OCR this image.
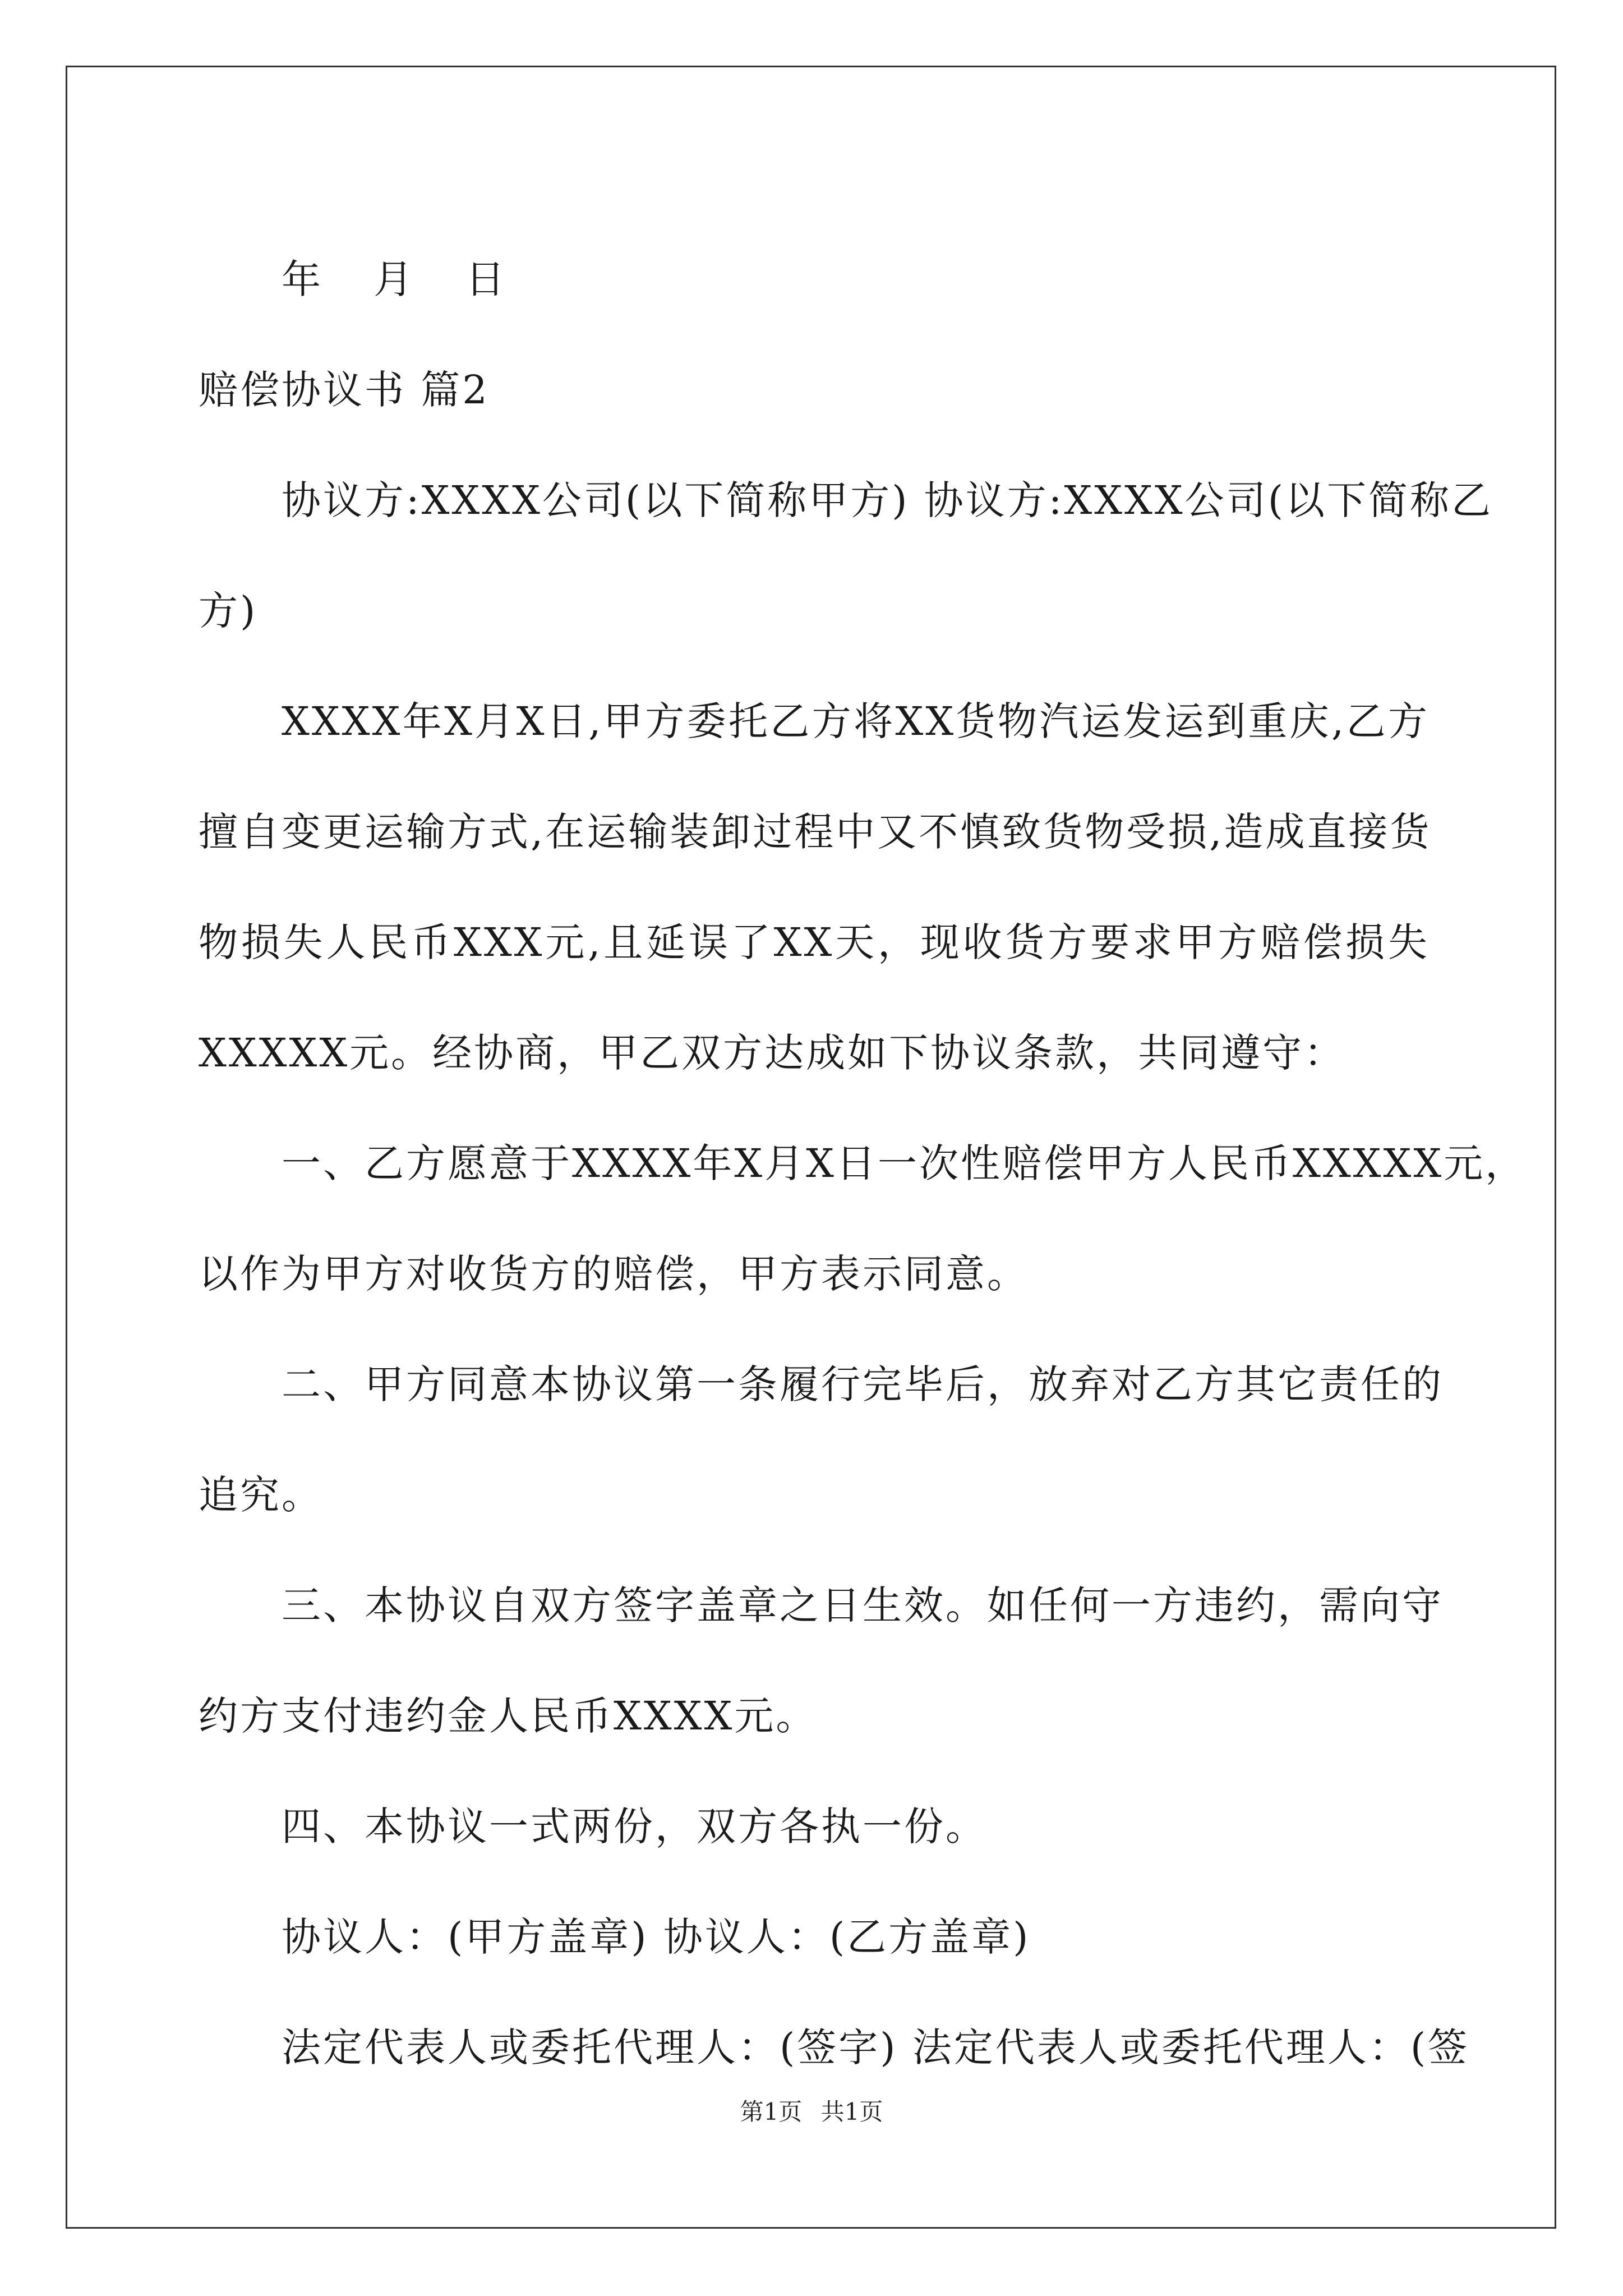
年 月 日

赔偿协议书 篇2

协议方:XXXX公司(以下简称甲方) 协议方:XXXX公司(以下简称乙

方)

XXXX年X月X日,甲方委托乙方将XX货物汽运发运到重庆,乙方

擅自变更运输方式,在运输装卸过程中又不慎致货物受损,造成直接货

物损失人民币XXX元,且延误了XX天，现收货方要求甲方赔偿损失

XXXXX元。经协商，甲乙双方达成如下协议条款，共同遵守：

一、乙方愿意于XXXX年X月X日一次性赔偿甲方人民币XXXXX元，

以作为甲方对收货方的赔偿，甲方表示同意。

二、甲方同意本协议第一条履行完毕后，放弃对乙方其它责任的

追究。

三、本协议自双方签字盖章之日生效。如任何一方违约，需向守

约方支付违约金人民币XXXX元。

四、本协议一式两份，双方各执一份。

协议人：(甲方盖章) 协议人：(乙方盖章)

法定代表人或委托代理人：(签字) 法定代表人或委托代理人：(签

第1页 共1页
